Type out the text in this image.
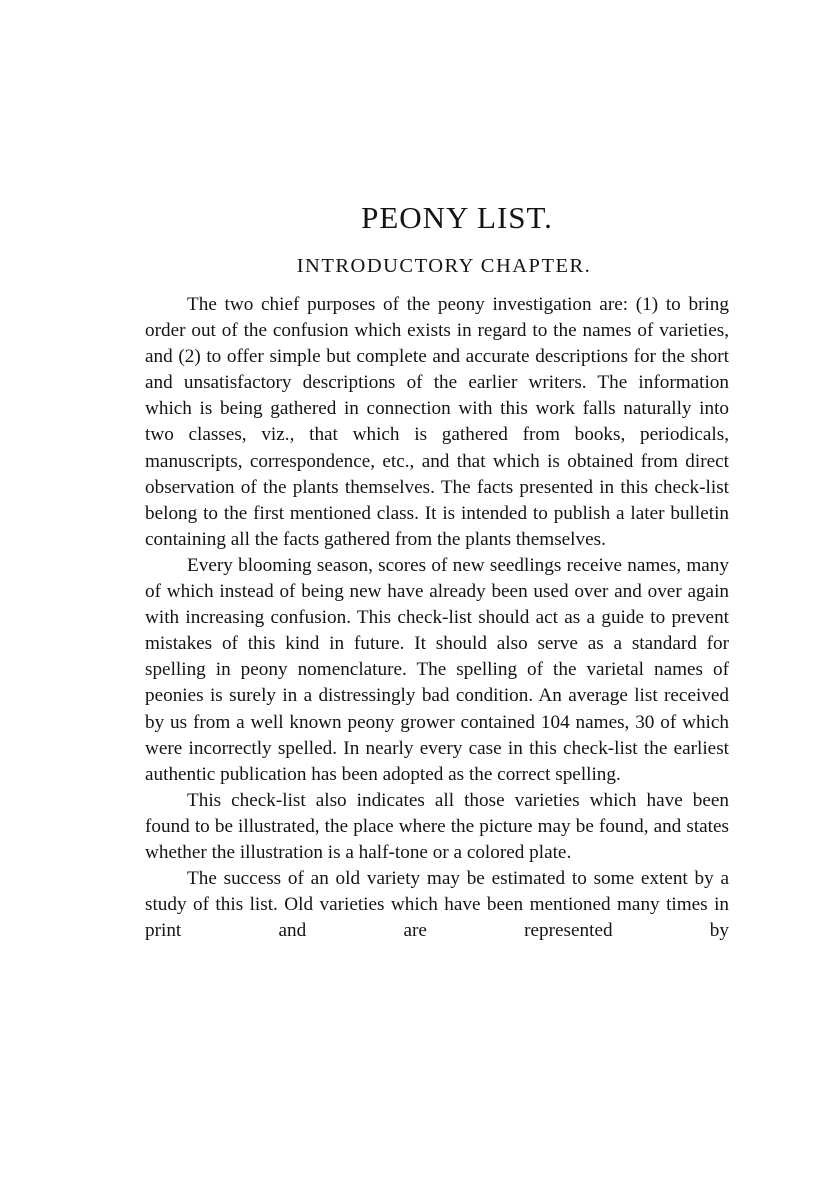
PEONY LIST.
INTRODUCTORY CHAPTER.

The two chief purposes of the peony investigation are: (1) to bring order out of the confusion which exists in regard to the names of varieties, and (2) to offer simple but complete and accurate descriptions for the short and unsatisfactory descriptions of the earlier writers. The information which is being gathered in connection with this work falls naturally into two classes, viz., that which is gathered from books, periodicals, manuscripts, correspondence, etc., and that which is obtained from direct observation of the plants themselves. The facts presented in this check-list belong to the first mentioned class. It is intended to publish a later bulletin containing all the facts gathered from the plants themselves.

Every blooming season, scores of new seedlings receive names, many of which instead of being new have already been used over and over again with increasing confusion. This check-list should act as a guide to prevent mistakes of this kind in future. It should also serve as a standard for spelling in peony nomenclature. The spelling of the varietal names of peonies is surely in a distressingly bad condition. An average list received by us from a well known peony grower contained 104 names, 30 of which were incorrectly spelled. In nearly every case in this check-list the earliest authentic publication has been adopted as the correct spelling.

This check-list also indicates all those varieties which have been found to be illustrated, the place where the picture may be found, and states whether the illustration is a half-tone or a colored plate.

The success of an old variety may be estimated to some extent by a study of this list. Old varieties which have been mentioned many times in print and are represented by
